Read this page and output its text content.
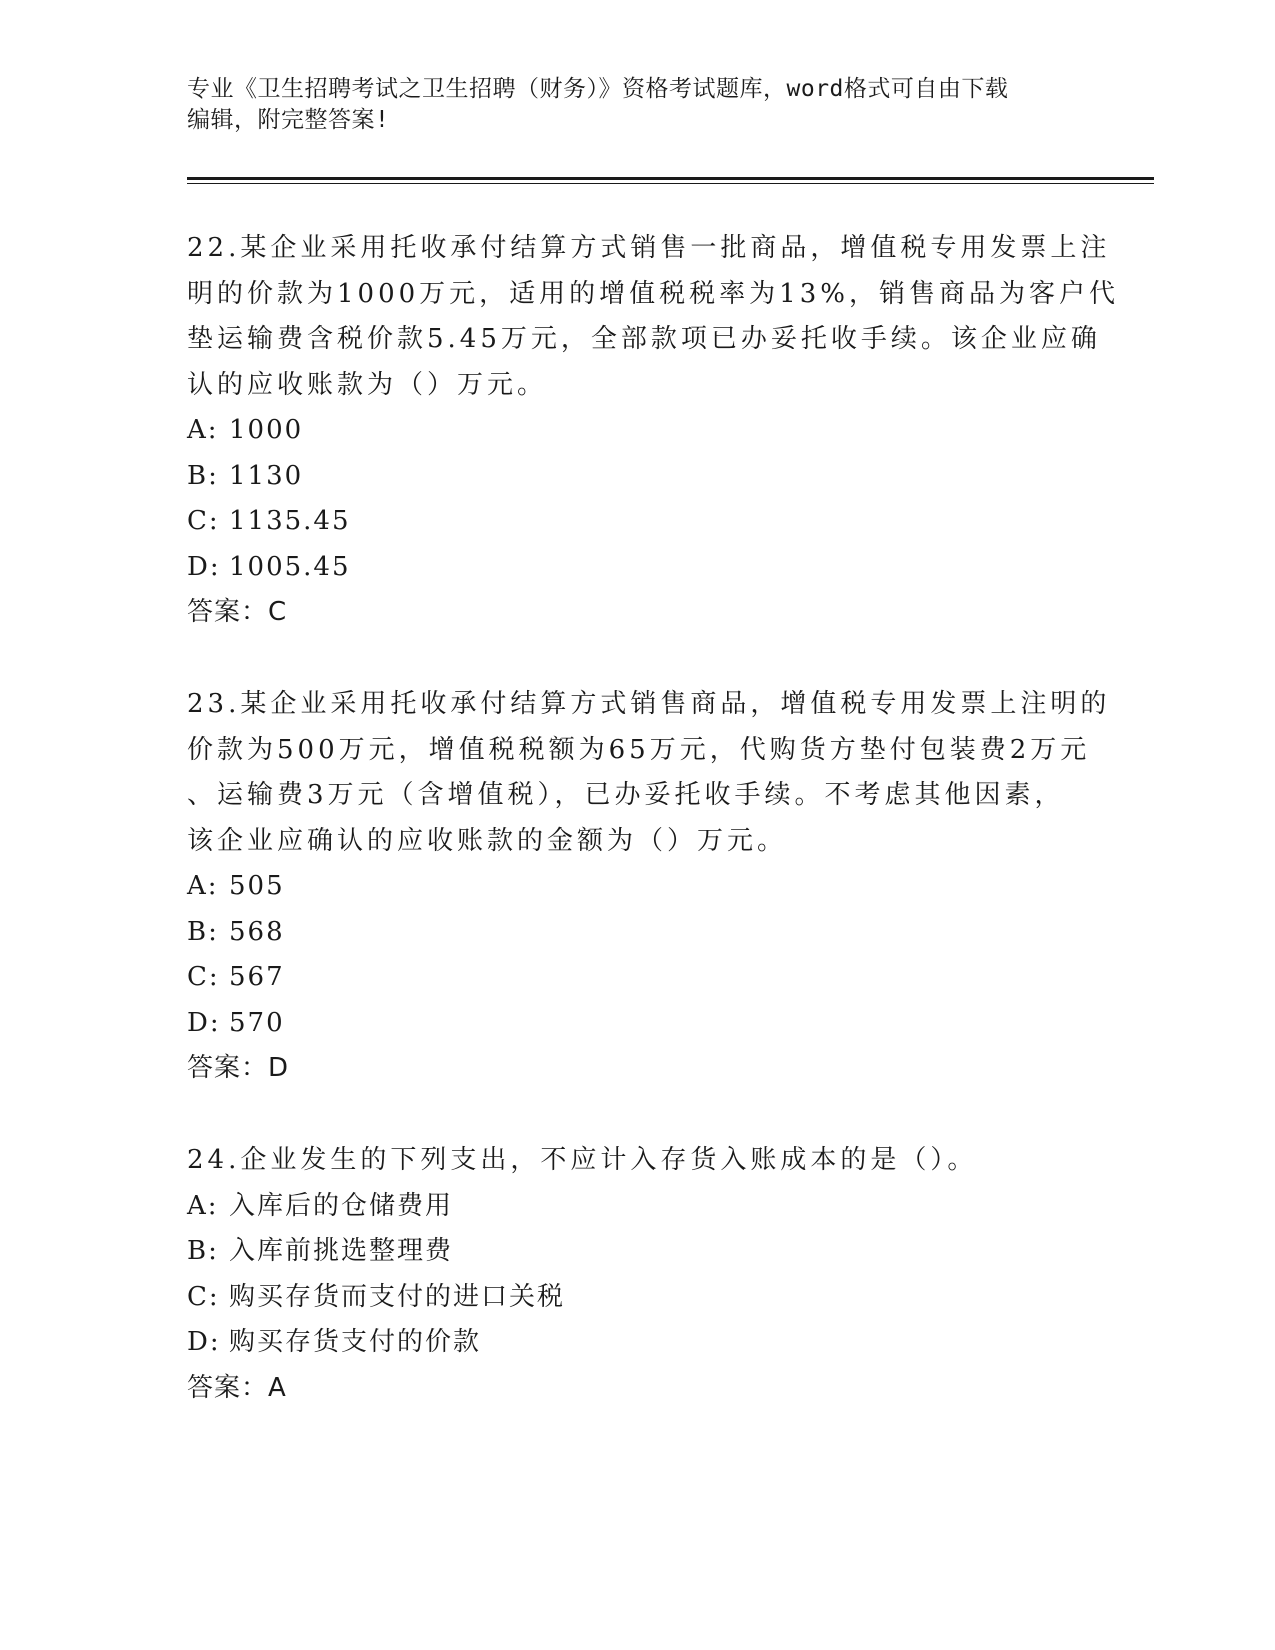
专业《卫生招聘考试之卫生招聘（财务）》资格考试题库，word格式可自由下载
编辑，附完整答案!
22.某企业采用托收承付结算方式销售一批商品，增值税专用发票上注
明的价款为1000万元，适用的增值税税率为13%，销售商品为客户代
垫运输费含税价款5.45万元，全部款项已办妥托收手续。该企业应确
认的应收账款为（）万元。
A: 1000
B: 1130
C: 1135.45
D: 1005.45
答案：C
23.某企业采用托收承付结算方式销售商品，增值税专用发票上注明的
价款为500万元，增值税税额为65万元，代购货方垫付包装费2万元
、运输费3万元（含增值税），已办妥托收手续。不考虑其他因素，
该企业应确认的应收账款的金额为（）万元。
A: 505
B: 568
C: 567
D: 570
答案：D
24.企业发生的下列支出，不应计入存货入账成本的是（）。
A: 入库后的仓储费用
B: 入库前挑选整理费
C: 购买存货而支付的进口关税
D: 购买存货支付的价款
答案：A
